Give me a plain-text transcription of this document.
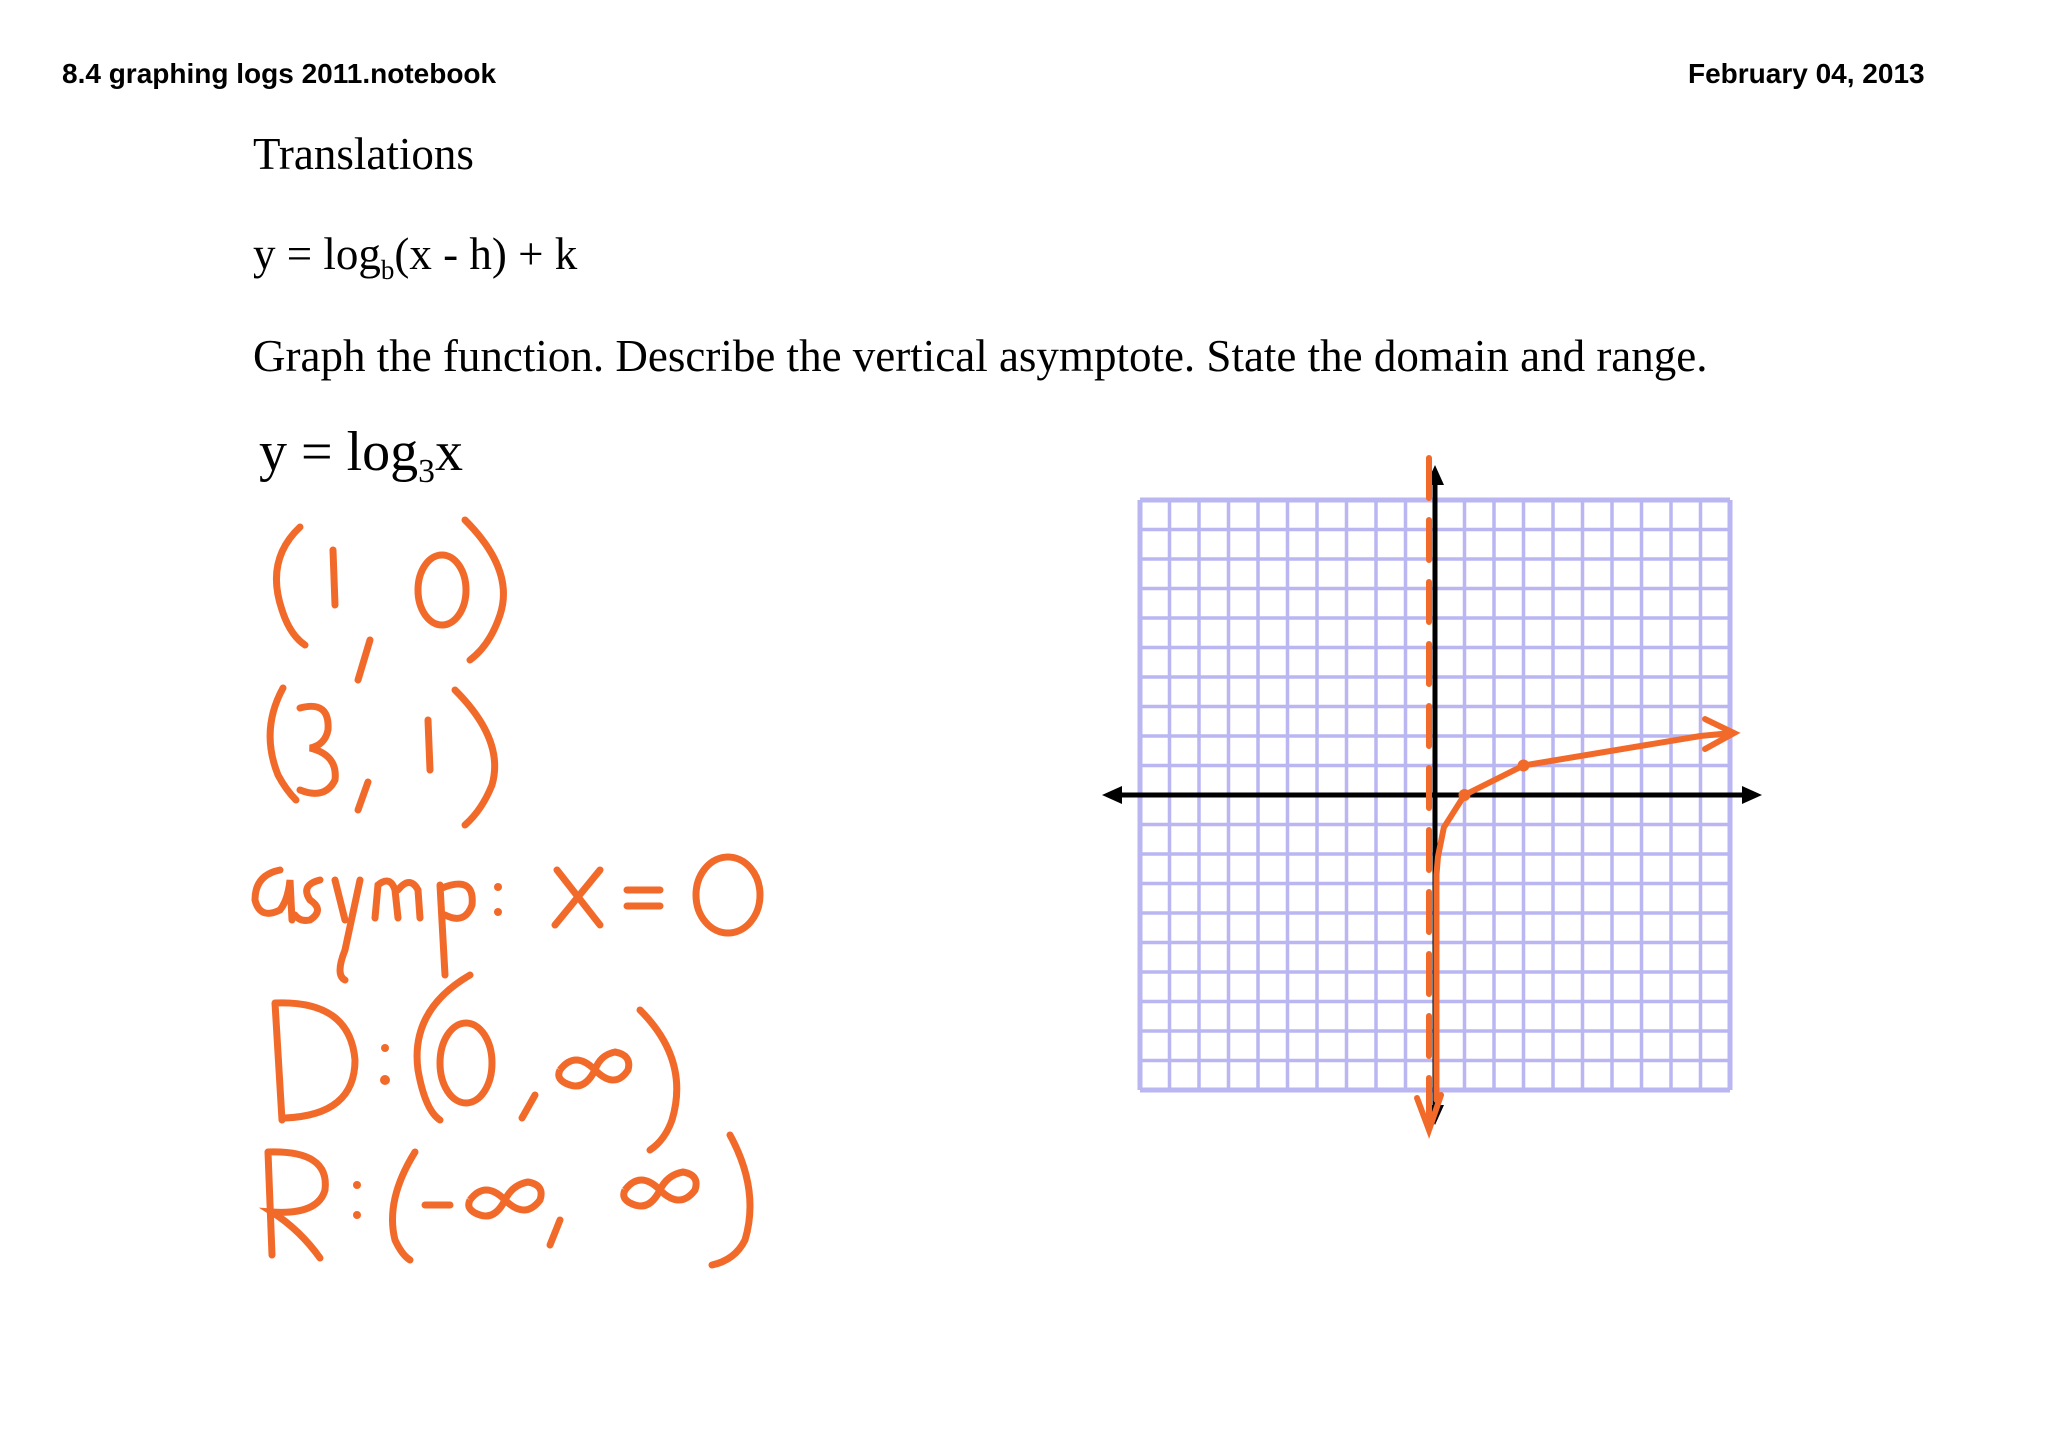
8.4 graphing logs 2011.notebook	February 04, 2013
Translations
$y = \log_b(x - h) + k$
Graph the function. Describe the vertical asymptote. State the domain and range.
$y = \log_3x$
